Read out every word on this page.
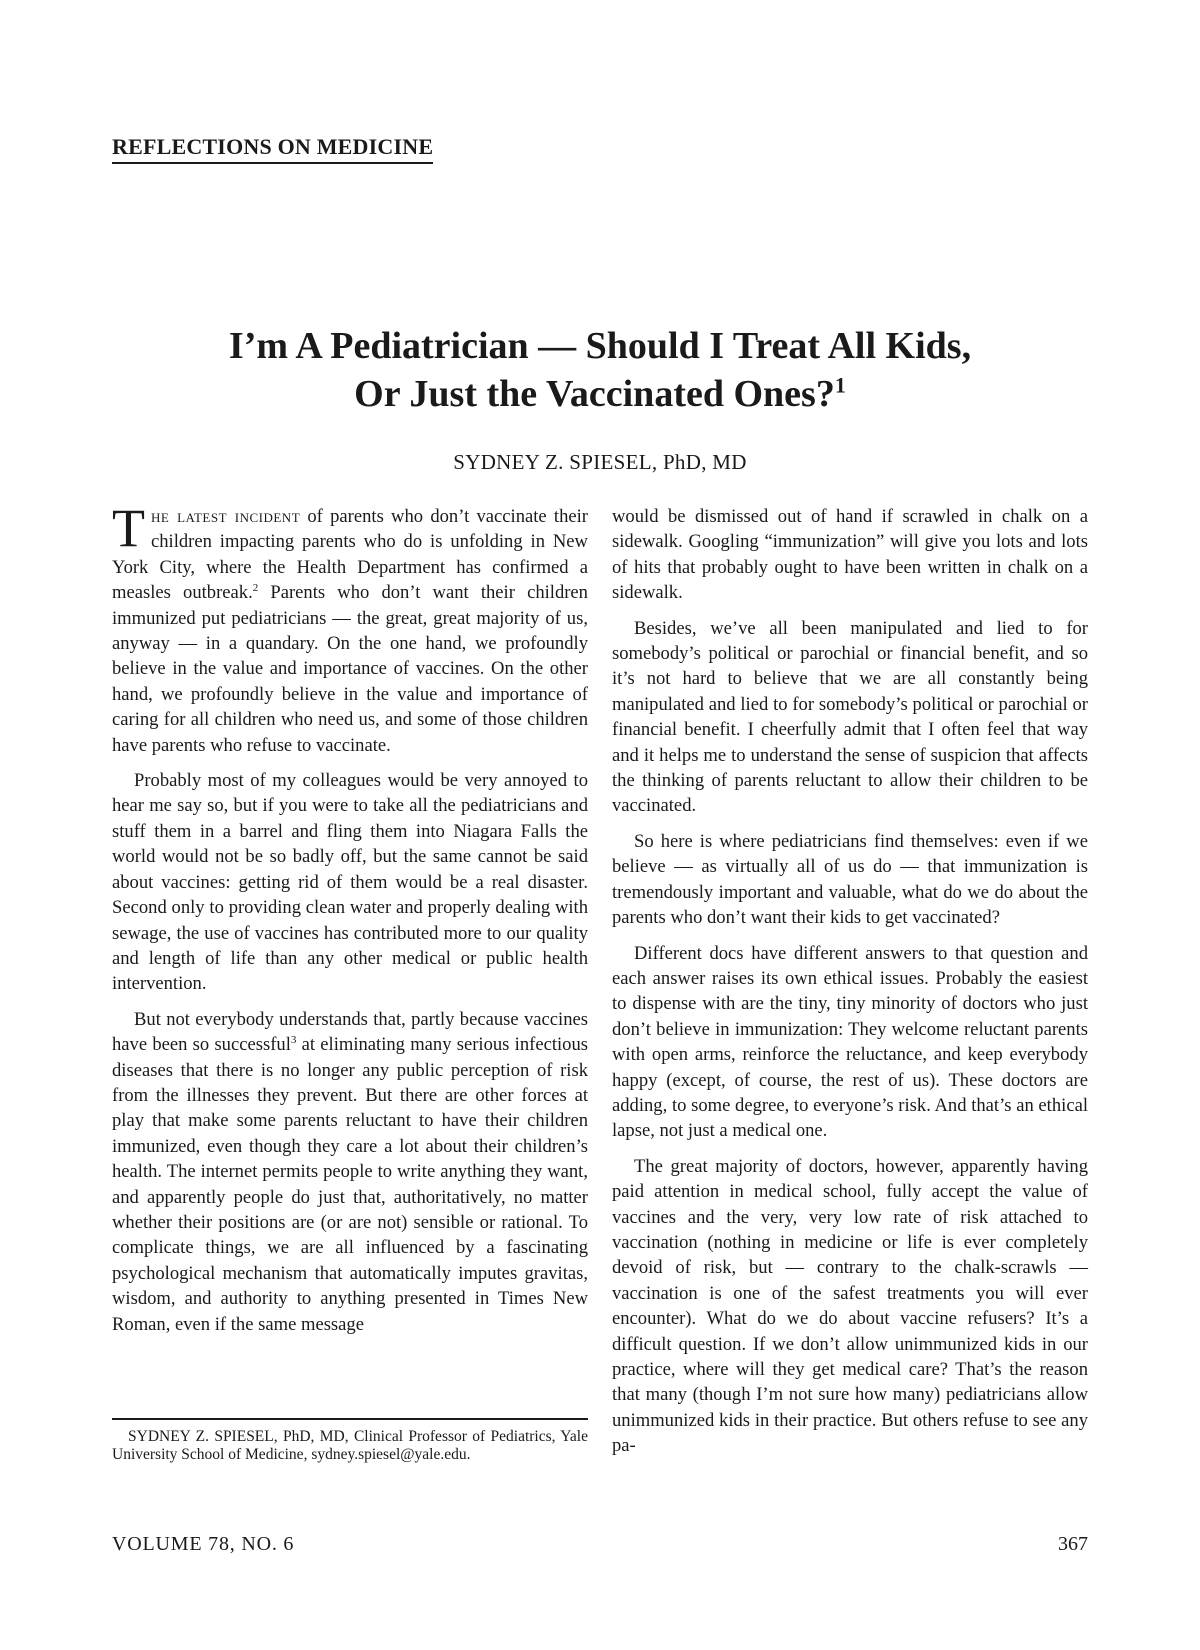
REFLECTIONS ON MEDICINE
I’m A Pediatrician — Should I Treat All Kids,
Or Just the Vaccinated Ones?$^1$

SYDNEY Z. SPIESEL, PhD, MD

The latest incident of parents who don’t vaccinate their children impacting parents who do is unfolding in New York City, where the Health Department has confirmed a measles outbreak.$^2$ Parents who don’t want their children immunized put pediatricians — the great, great majority of us, anyway — in a quandary. On the one hand, we profoundly believe in the value and importance of vaccines. On the other hand, we profoundly believe in the value and importance of caring for all children who need us, and some of those children have parents who refuse to vaccinate.

Probably most of my colleagues would be very annoyed to hear me say so, but if you were to take all the pediatricians and stuff them in a barrel and fling them into Niagara Falls the world would not be so badly off, but the same cannot be said about vaccines: getting rid of them would be a real disaster. Second only to providing clean water and properly dealing with sewage, the use of vaccines has contributed more to our quality and length of life than any other medical or public health intervention.

But not everybody understands that, partly because vaccines have been so successful$^3$ at eliminating many serious infectious diseases that there is no longer any public perception of risk from the illnesses they prevent. But there are other forces at play that make some parents reluctant to have their children immunized, even though they care a lot about their children’s health. The internet permits people to write anything they want, and apparently people do just that, authoritatively, no matter whether their positions are (or are not) sensible or rational. To complicate things, we are all influenced by a fascinating psychological mechanism that automatically imputes gravitas, wisdom, and authority to anything presented in Times New Roman, even if the same message

would be dismissed out of hand if scrawled in chalk on a sidewalk. Googling “immunization” will give you lots and lots of hits that probably ought to have been written in chalk on a sidewalk.

Besides, we’ve all been manipulated and lied to for somebody’s political or parochial or financial benefit, and so it’s not hard to believe that we are all constantly being manipulated and lied to for somebody’s political or parochial or financial benefit. I cheerfully admit that I often feel that way and it helps me to understand the sense of suspicion that affects the thinking of parents reluctant to allow their children to be vaccinated.

So here is where pediatricians find themselves: even if we believe — as virtually all of us do — that immunization is tremendously important and valuable, what do we do about the parents who don’t want their kids to get vaccinated?

Different docs have different answers to that question and each answer raises its own ethical issues. Probably the easiest to dispense with are the tiny, tiny minority of doctors who just don’t believe in immunization: They welcome reluctant parents with open arms, reinforce the reluctance, and keep everybody happy (except, of course, the rest of us). These doctors are adding, to some degree, to everyone’s risk. And that’s an ethical lapse, not just a medical one.

The great majority of doctors, however, apparently having paid attention in medical school, fully accept the value of vaccines and the very, very low rate of risk attached to vaccination (nothing in medicine or life is ever completely devoid of risk, but — contrary to the chalk-scrawls — vaccination is one of the safest treatments you will ever encounter). What do we do about vaccine refusers? It’s a difficult question. If we don’t allow unimmunized kids in our practice, where will they get medical care? That’s the reason that many (though I’m not sure how many) pediatricians allow unimmunized kids in their practice. But others refuse to see any pa-

SYDNEY Z. SPIESEL, PhD, MD, Clinical Professor of Pediatrics, Yale University School of Medicine, sydney.spiesel@yale.edu.

VOLUME 78, NO. 6	367
